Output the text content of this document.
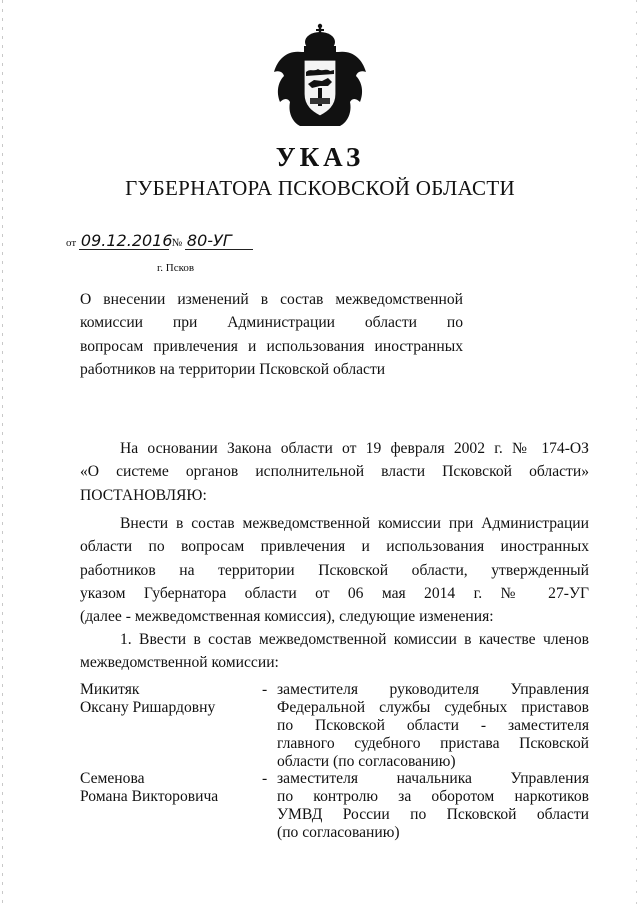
УКАЗ
ГУБЕРНАТОРА ПСКОВСКОЙ ОБЛАСТИ
от 09.12.2016 № 80-УГ
г. Псков
О внесении изменений в состав межведомственной
комиссии при Администрации области по
вопросам привлечения и использования иностранных
работников на территории Псковской области
На основании Закона области от 19 февраля 2002 г. № 174-ОЗ
«О системе органов исполнительной власти Псковской области»
ПОСТАНОВЛЯЮ:
Внести в состав межведомственной комиссии при Администрации
области по вопросам привлечения и использования иностранных
работников на территории Псковской области, утвержденный
указом Губернатора области от 06 мая 2014 г. № 27-УГ
(далее - межведомственная комиссия), следующие изменения:
1. Ввести в состав межведомственной комиссии в качестве членов
межведомственной комиссии:
Микитяк
Оксану Ришардовну
- заместителя руководителя Управления
Федеральной службы судебных приставов
по Псковской области - заместителя
главного судебного пристава Псковской
области (по согласованию)
Семенова
Романа Викторовича
- заместителя начальника Управления
по контролю за оборотом наркотиков
УМВД России по Псковской области
(по согласованию)
